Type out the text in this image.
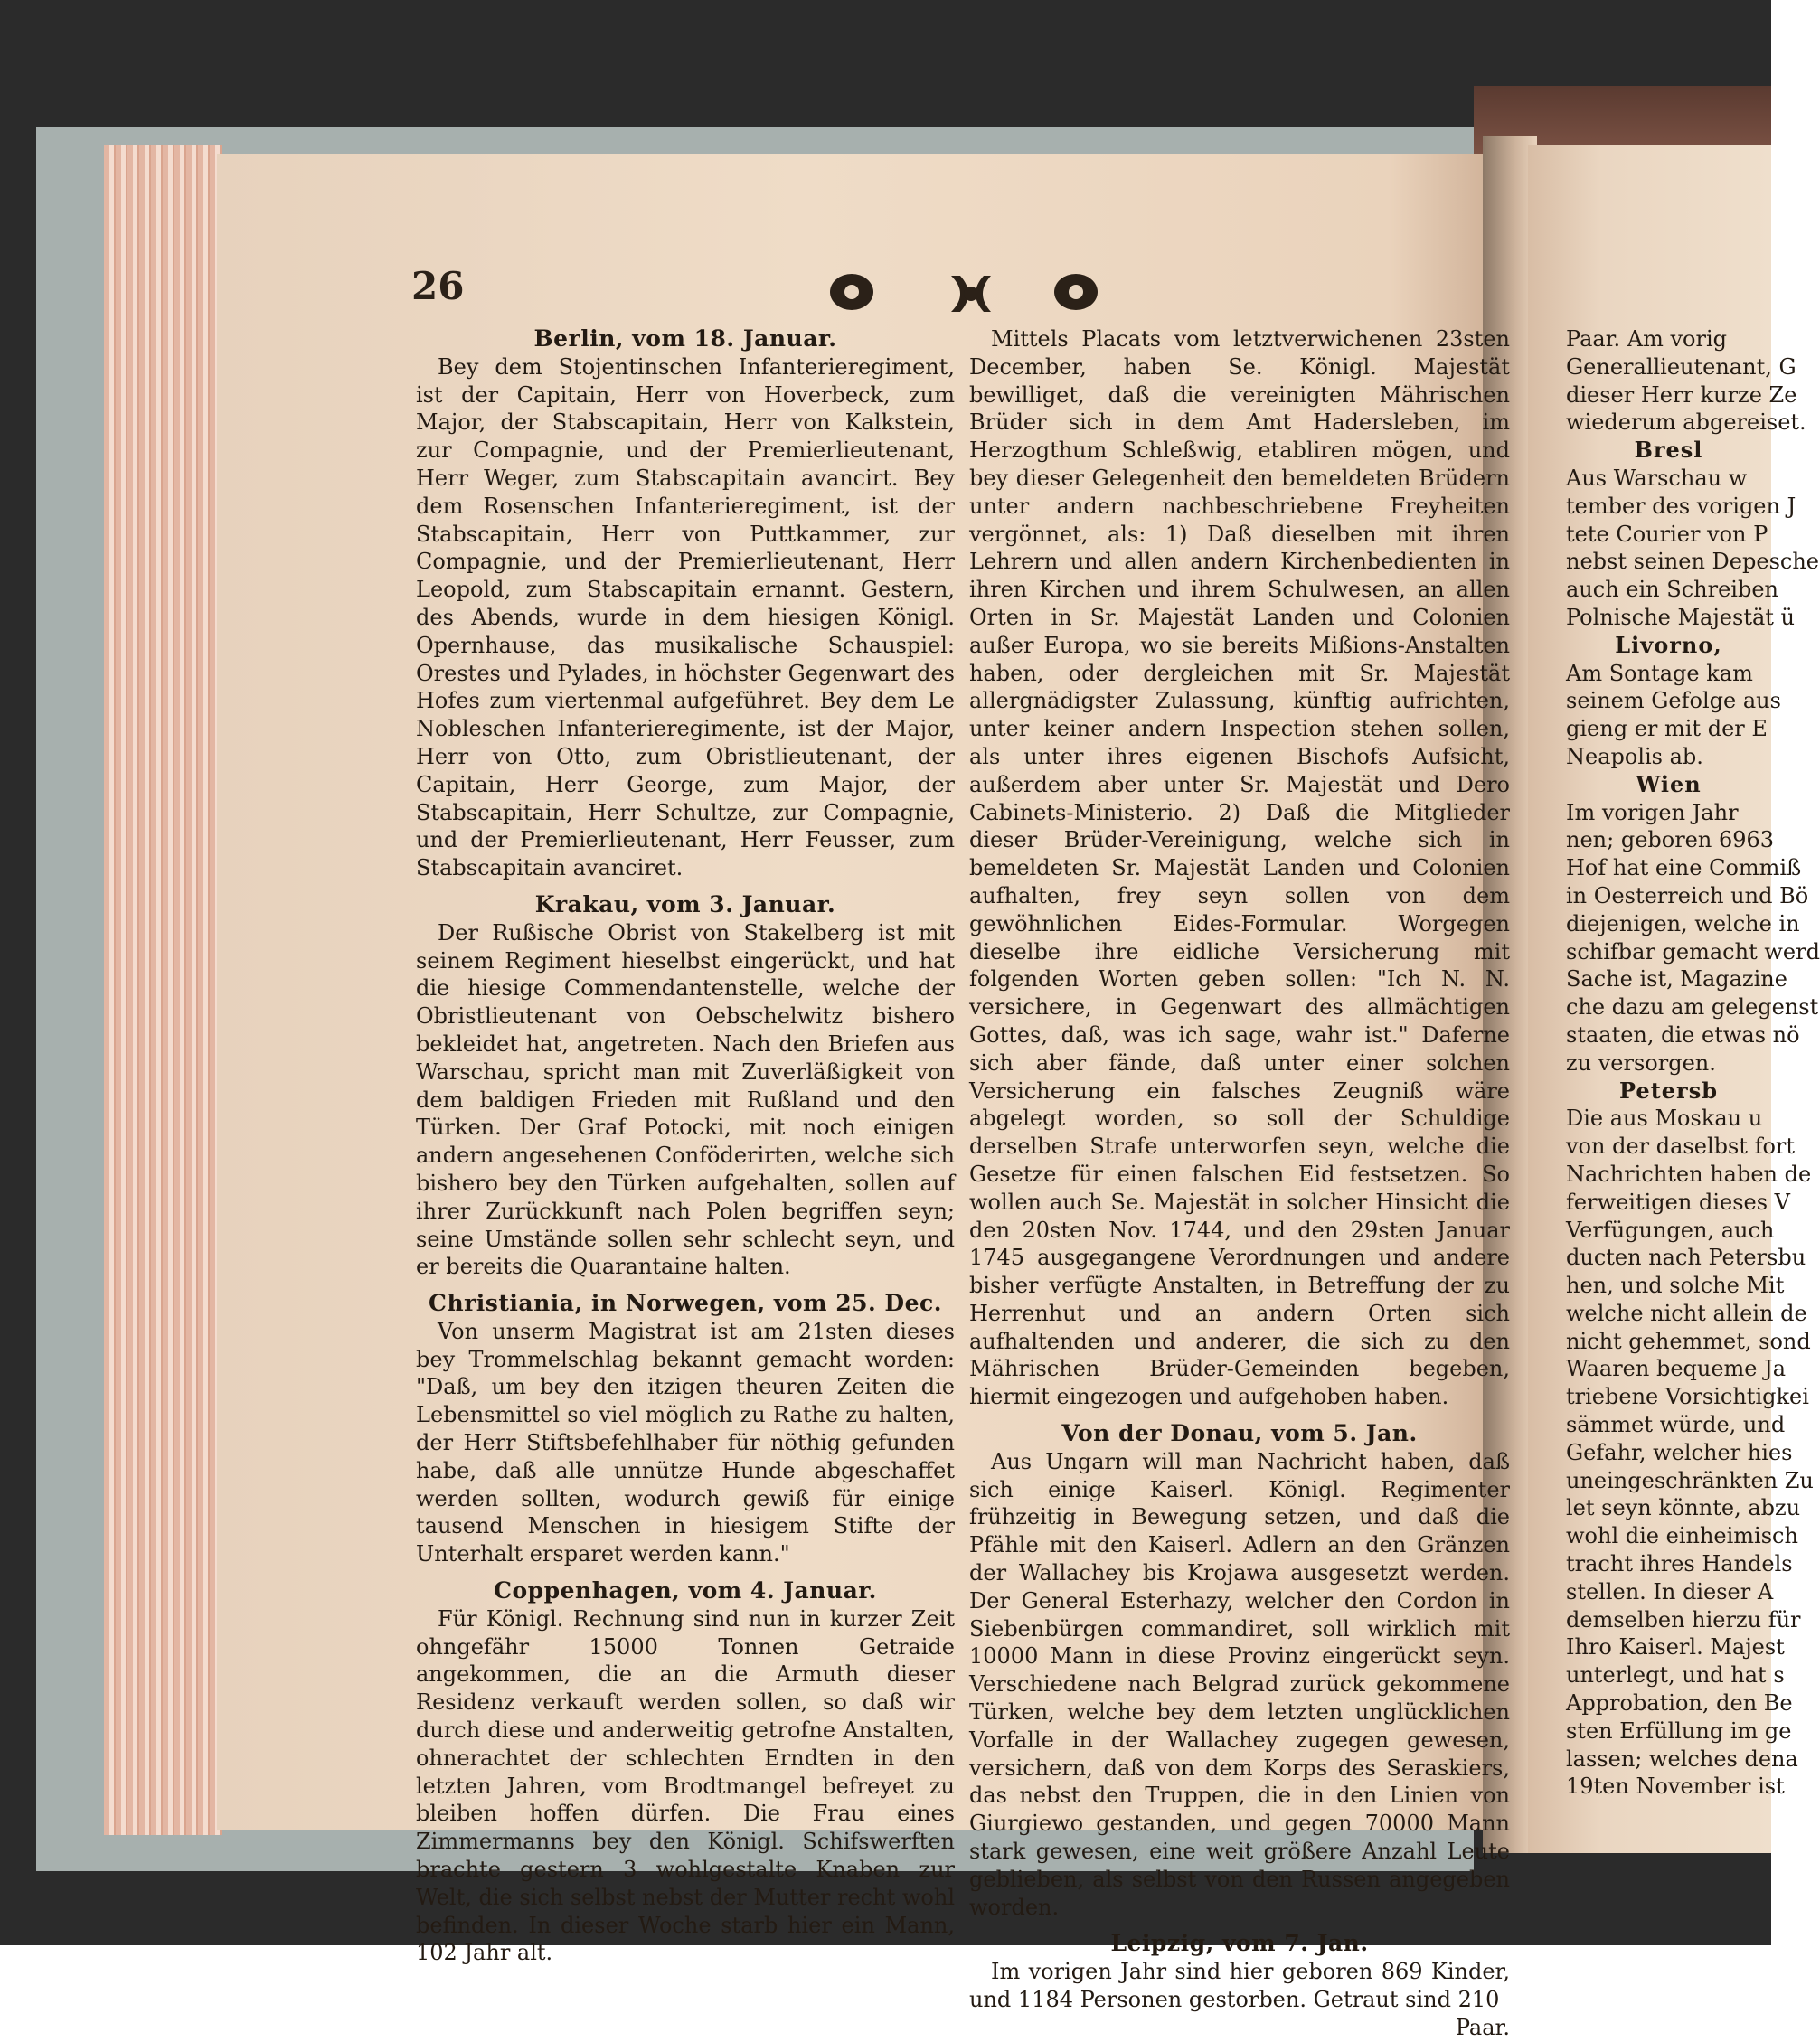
26

Berlin, vom 18. Januar.

Bey dem Stojentinschen Infanterieregiment, ist der Capitain, Herr von Hoverbeck, zum Major, der Stabscapitain, Herr von Kalkstein, zur Compagnie, und der Premierlieutenant, Herr Weger, zum Stabscapitain avancirt. Bey dem Rosenschen Infanterieregiment, ist der Stabscapitain, Herr von Puttkammer, zur Compagnie, und der Premierlieutenant, Herr Leopold, zum Stabscapitain ernannt. Gestern, des Abends, wurde in dem hiesigen Königl. Opernhause, das musikalische Schauspiel: Orestes und Pylades, in höchster Gegenwart des Hofes zum viertenmal aufgeführet. Bey dem Le Nobleschen Infanterieregimente, ist der Major, Herr von Otto, zum Obristlieutenant, der Capitain, Herr George, zum Major, der Stabscapitain, Herr Schultze, zur Compagnie, und der Premierlieutenant, Herr Feusser, zum Stabscapitain avanciret.

Krakau, vom 3. Januar.

Der Rußische Obrist von Stakelberg ist mit seinem Regiment hieselbst eingerückt, und hat die hiesige Commendantenstelle, welche der Obristlieutenant von Oebschelwitz bishero bekleidet hat, angetreten. Nach den Briefen aus Warschau, spricht man mit Zuverläßigkeit von dem baldigen Frieden mit Rußland und den Türken. Der Graf Potocki, mit noch einigen andern angesehenen Conföderirten, welche sich bishero bey den Türken aufgehalten, sollen auf ihrer Zurückkunft nach Polen begriffen seyn; seine Umstände sollen sehr schlecht seyn, und er bereits die Quarantaine halten.

Christiania, in Norwegen, vom 25. Dec.

Von unserm Magistrat ist am 21sten dieses bey Trommelschlag bekannt gemacht worden: "Daß, um bey den itzigen theuren Zeiten die Lebensmittel so viel möglich zu Rathe zu halten, der Herr Stiftsbefehlhaber für nöthig gefunden habe, daß alle unnütze Hunde abgeschaffet werden sollten, wodurch gewiß für einige tausend Menschen in hiesigem Stifte der Unterhalt ersparet werden kann."

Coppenhagen, vom 4. Januar.

Für Königl. Rechnung sind nun in kurzer Zeit ohngefähr 15000 Tonnen Getraide angekommen, die an die Armuth dieser Residenz verkauft werden sollen, so daß wir durch diese und anderweitig getrofne Anstalten, ohnerachtet der schlechten Erndten in den letzten Jahren, vom Brodtmangel befreyet zu bleiben hoffen dürfen. Die Frau eines Zimmermanns bey den Königl. Schifswerften brachte gestern 3 wohlgestalte Knaben zur Welt, die sich selbst nebst der Mutter recht wohl befinden. In dieser Woche starb hier ein Mann, 102 Jahr alt.

Mittels Placats vom letztverwichenen 23sten December, haben Se. Königl. Majestät bewilliget, daß die vereinigten Mährischen Brüder sich in dem Amt Hadersleben, im Herzogthum Schleßwig, etabliren mögen, und bey dieser Gelegenheit den bemeldeten Brüdern unter andern nachbeschriebene Freyheiten vergönnet, als: 1) Daß dieselben mit ihren Lehrern und allen andern Kirchenbedienten in ihren Kirchen und ihrem Schulwesen, an allen Orten in Sr. Majestät Landen und Colonien außer Europa, wo sie bereits Mißions-Anstalten haben, oder dergleichen mit Sr. Majestät allergnädigster Zulassung, künftig aufrichten, unter keiner andern Inspection stehen sollen, als unter ihres eigenen Bischofs Aufsicht, außerdem aber unter Sr. Majestät und Dero Cabinets-Ministerio. 2) Daß die Mitglieder dieser Brüder-Vereinigung, welche sich in bemeldeten Sr. Majestät Landen und Colonien aufhalten, frey seyn sollen von dem gewöhnlichen Eides-Formular. Worgegen dieselbe ihre eidliche Versicherung mit folgenden Worten geben sollen: "Ich N. N. versichere, in Gegenwart des allmächtigen Gottes, daß, was ich sage, wahr ist." Daferne sich aber fände, daß unter einer solchen Versicherung ein falsches Zeugniß wäre abgelegt worden, so soll der Schuldige derselben Strafe unterworfen seyn, welche die Gesetze für einen falschen Eid festsetzen. So wollen auch Se. Majestät in solcher Hinsicht die den 20sten Nov. 1744, und den 29sten Januar 1745 ausgegangene Verordnungen und andere bisher verfügte Anstalten, in Betreffung der zu Herrenhut und an andern Orten sich aufhaltenden und anderer, die sich zu den Mährischen Brüder-Gemeinden begeben, hiermit eingezogen und aufgehoben haben.

Von der Donau, vom 5. Jan.

Aus Ungarn will man Nachricht haben, daß sich einige Kaiserl. Königl. Regimenter frühzeitig in Bewegung setzen, und daß die Pfähle mit den Kaiserl. Adlern an den Gränzen der Wallachey bis Krojawa ausgesetzt werden. Der General Esterhazy, welcher den Cordon in Siebenbürgen commandiret, soll wirklich mit 10000 Mann in diese Provinz eingerückt seyn. Verschiedene nach Belgrad zurück gekommene Türken, welche bey dem letzten unglücklichen Vorfalle in der Wallachey zugegen gewesen, versichern, daß von dem Korps des Seraskiers, das nebst den Truppen, die in den Linien von Giurgiewo gestanden, und gegen 70000 Mann stark gewesen, eine weit größere Anzahl Leute geblieben, als selbst von den Russen angegeben worden.

Leipzig, vom 7. Jan.

Im vorigen Jahr sind hier geboren 869 Kinder, und 1184 Personen gestorben. Getraut sind 210

Paar.

Paar. Am vorig

Generallieutenant, G

dieser Herr kurze Ze

wiederum abgereiset.

Bresl

Aus Warschau w

tember des vorigen J

tete Courier von P

nebst seinen Depesche

auch ein Schreiben

Polnische Majestät ü

Livorno,

Am Sontage kam

seinem Gefolge aus

gieng er mit der E

Neapolis ab.

Wien

Im vorigen Jahr

nen; geboren 6963

Hof hat eine Commiß

in Oesterreich und Bö

diejenigen, welche in

schifbar gemacht werd

Sache ist, Magazine

che dazu am gelegenst

staaten, die etwas nö

zu versorgen.

Petersb

Die aus Moskau u

von der daselbst fort

Nachrichten haben de

ferweitigen dieses V

Verfügungen, auch

ducten nach Petersbu

hen, und solche Mit

welche nicht allein de

nicht gehemmet, sond

Waaren bequeme Ja

triebene Vorsichtigkei

sämmet würde, und

Gefahr, welcher hies

uneingeschränkten Zu

let seyn könnte, abzu

wohl die einheimisch

tracht ihres Handels

stellen. In dieser A

demselben hierzu für

Ihro Kaiserl. Majest

unterlegt, und hat s

Approbation, den Be

sten Erfüllung im ge

lassen; welches dena

19ten November ist
